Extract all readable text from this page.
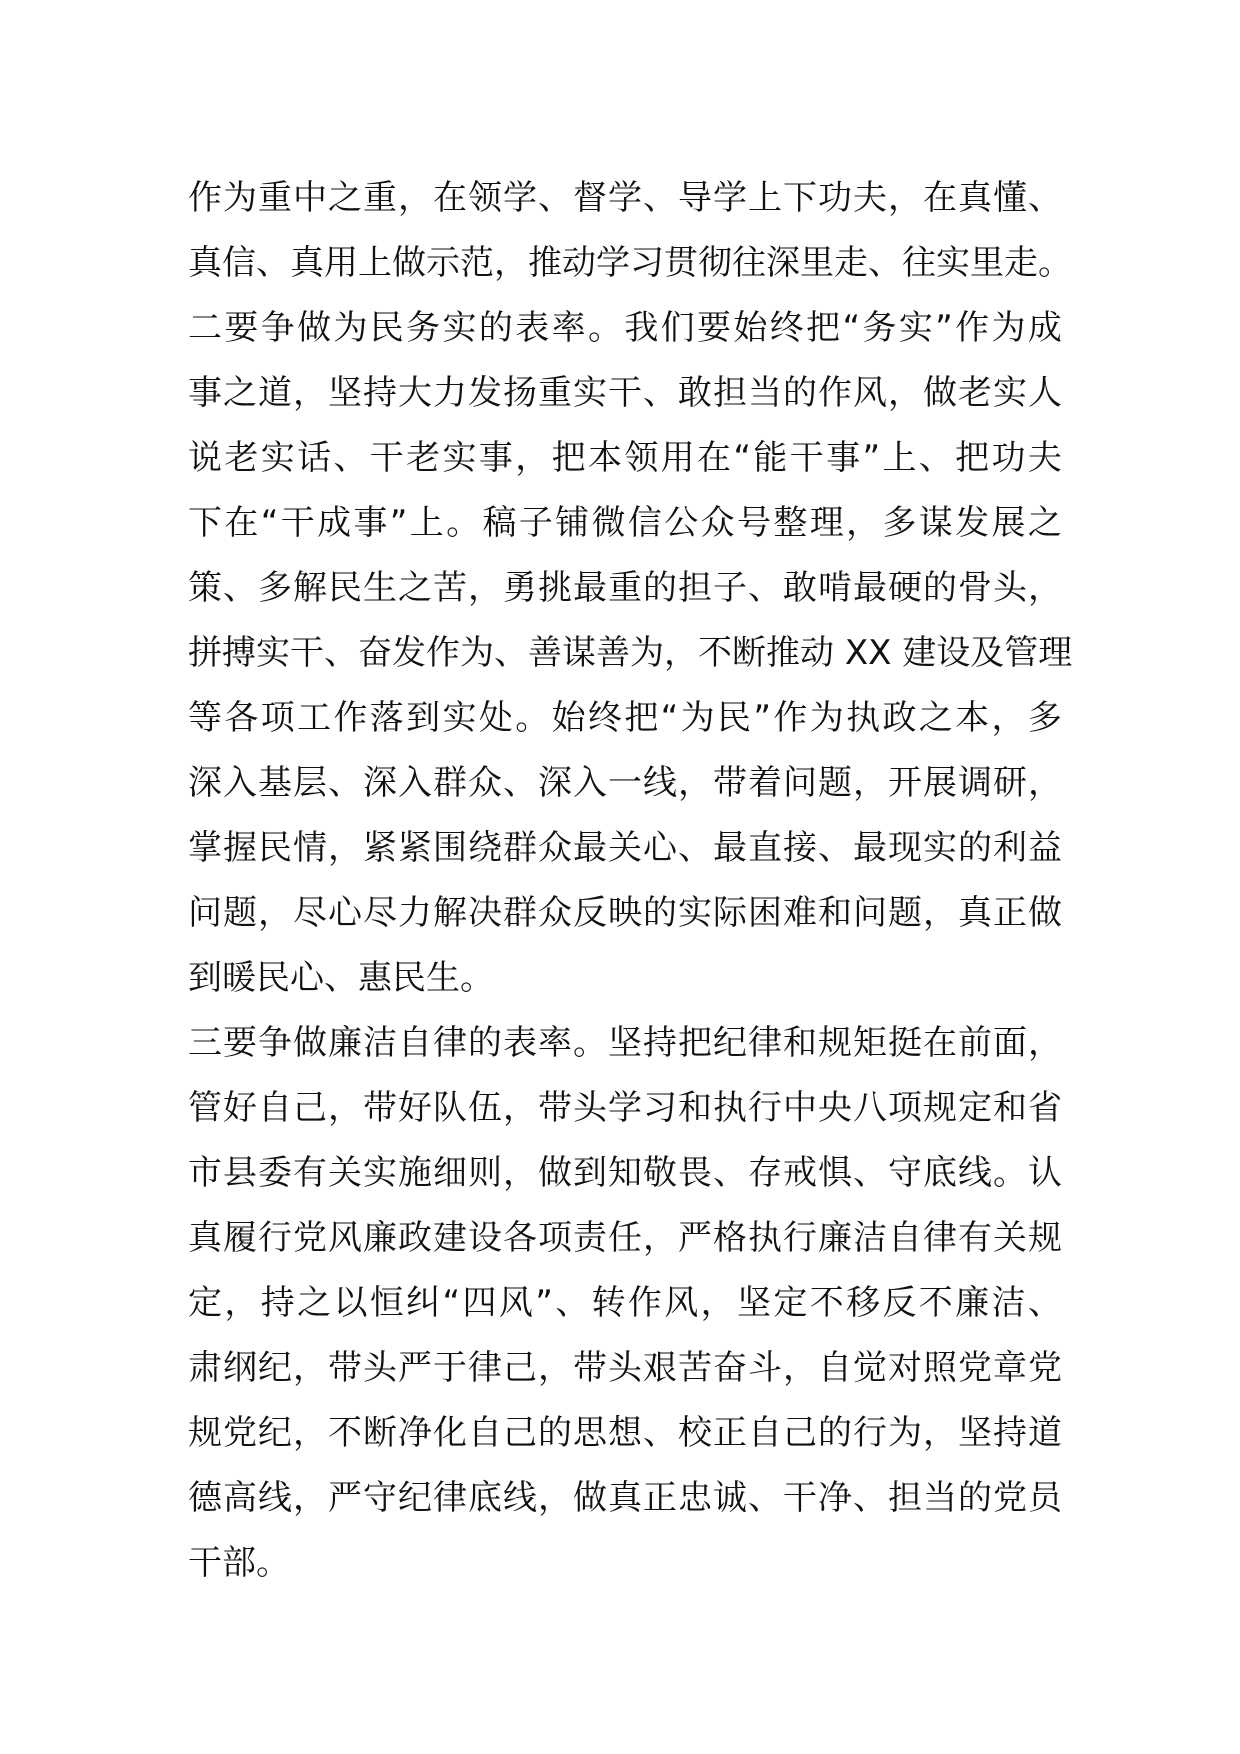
作 为 重 中 之 重 ， 在 领 学 、 督 学 、 导 学 上 下 功 夫 ， 在 真 懂 、
真 信 、 真 用 上 做 示 范 ， 推 动 学 习 贯 彻 往 深 里 走 、 往 实 里 走 。
二 要 争 做 为 民 务 实 的 表 率 。 我 们 要 始 终 把 “ 务 实 ” 作 为 成
事 之 道 ， 坚 持 大 力 发 扬 重 实 干 、 敢 担 当 的 作 风 ， 做 老 实 人
说 老 实 话 、 干 老 实 事 ， 把 本 领 用 在 “ 能 干 事 ” 上 、 把 功 夫
下 在 “ 干 成 事 ” 上 。 稿 子 铺 微 信 公 众 号 整 理 ， 多 谋 发 展 之
策 、 多 解 民 生 之 苦 ， 勇 挑 最 重 的 担 子 、 敢 啃 最 硬 的 骨 头 ，
拼 搏 实 干 、 奋 发 作 为 、 善 谋 善 为 ， 不 断 推 动
X X
建 设 及 管 理
等 各 项 工 作 落 到 实 处 。 始 终 把 “ 为 民 ” 作 为 执 政 之 本 ， 多
深 入 基 层 、 深 入 群 众 、 深 入 一 线 ， 带 着 问 题 ， 开 展 调 研 ，
掌 握 民 情 ， 紧 紧 围 绕 群 众 最 关 心 、 最 直 接 、 最 现 实 的 利 益
问 题 ， 尽 心 尽 力 解 决 群 众 反 映 的 实 际 困 难 和 问 题 ， 真 正 做
到暖民心、惠民生。
三 要 争 做 廉 洁 自 律 的 表 率 。 坚 持 把 纪 律 和 规 矩 挺 在 前 面 ，
管 好 自 己 ， 带 好 队 伍 ， 带 头 学 习 和 执 行 中 央 八 项 规 定 和 省
市 县 委 有 关 实 施 细 则 ， 做 到 知 敬 畏 、 存 戒 惧 、 守 底 线 。 认
真 履 行 党 风 廉 政 建 设 各 项 责 任 ， 严 格 执 行 廉 洁 自 律 有 关 规
定 ， 持 之 以 恒 纠 “ 四 风 ” 、 转 作 风 ， 坚 定 不 移 反 不 廉 洁 、
肃 纲 纪 ， 带 头 严 于 律 己 ， 带 头 艰 苦 奋 斗 ， 自 觉 对 照 党 章 党
规 党 纪 ， 不 断 净 化 自 己 的 思 想 、 校 正 自 己 的 行 为 ， 坚 持 道
德 高 线 ， 严 守 纪 律 底 线 ， 做 真 正 忠 诚 、 干 净 、 担 当 的 党 员
干部。
